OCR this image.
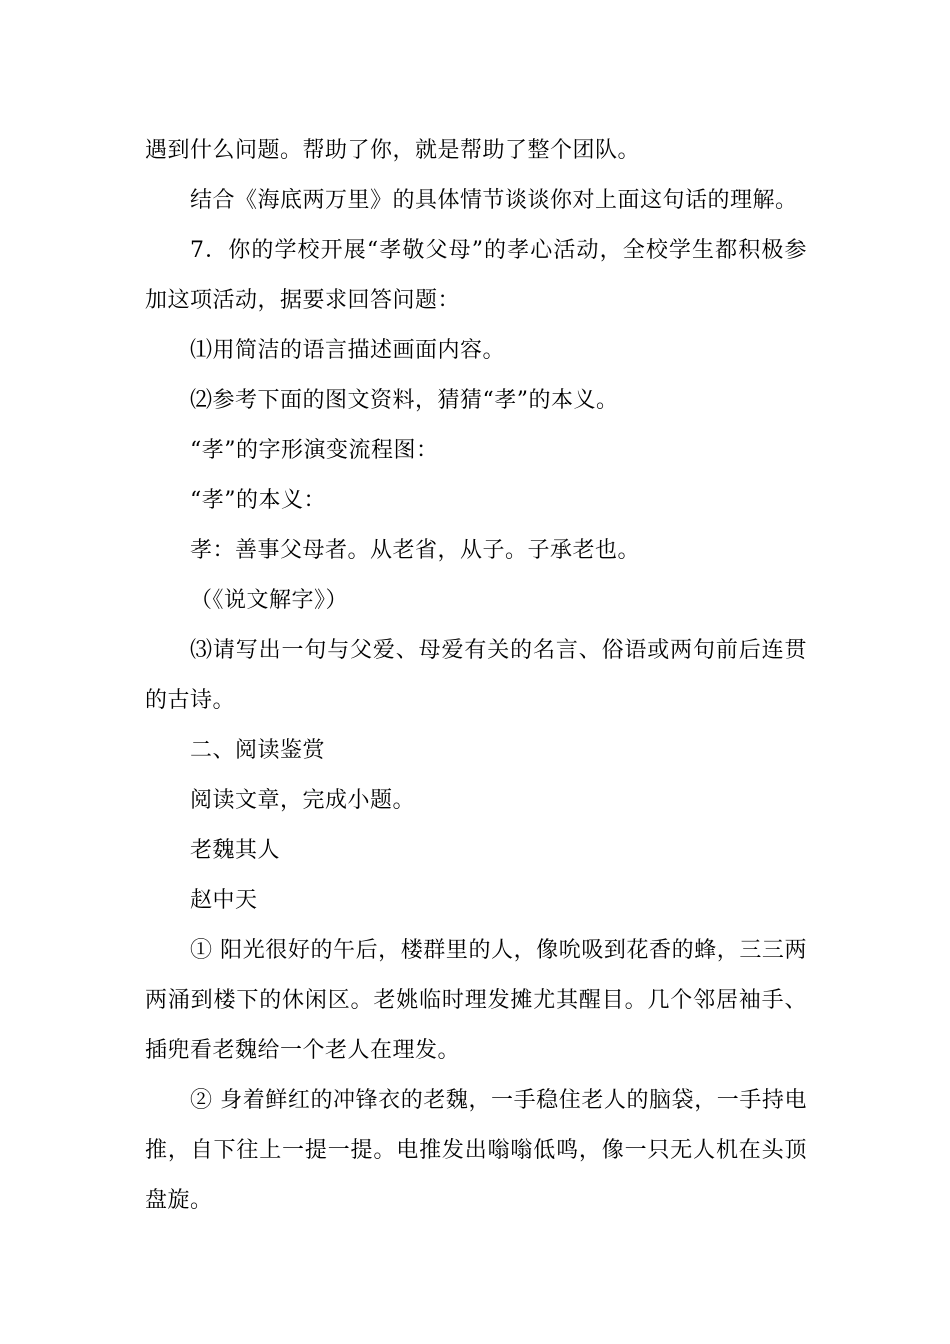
遇到什么问题。帮助了你，就是帮助了整个团队。
结合《海底两万里》的具体情节谈谈你对上面这句话的理解。
7．你的学校开展“孝敬父母”的孝心活动，全校学生都积极参
加这项活动，据要求回答问题：
⑴用简洁的语言描述画面内容。
⑵参考下面的图文资料，猜猜“孝”的本义。
“孝”的字形演变流程图：
“孝”的本义：
孝：善事父母者。从老省，从子。子承老也。
（《说文解字》）
⑶请写出一句与父爱、母爱有关的名言、俗语或两句前后连贯
的古诗。
二、阅读鉴赏
阅读文章，完成小题。
老魏其人
赵中天
① 阳光很好的午后，楼群里的人，像吮吸到花香的蜂，三三两
两涌到楼下的休闲区。老姚临时理发摊尤其醒目。几个邻居袖手、
插兜看老魏给一个老人在理发。
② 身着鲜红的冲锋衣的老魏，一手稳住老人的脑袋，一手持电
推，自下往上一提一提。电推发出嗡嗡低鸣，像一只无人机在头顶
盘旋。
